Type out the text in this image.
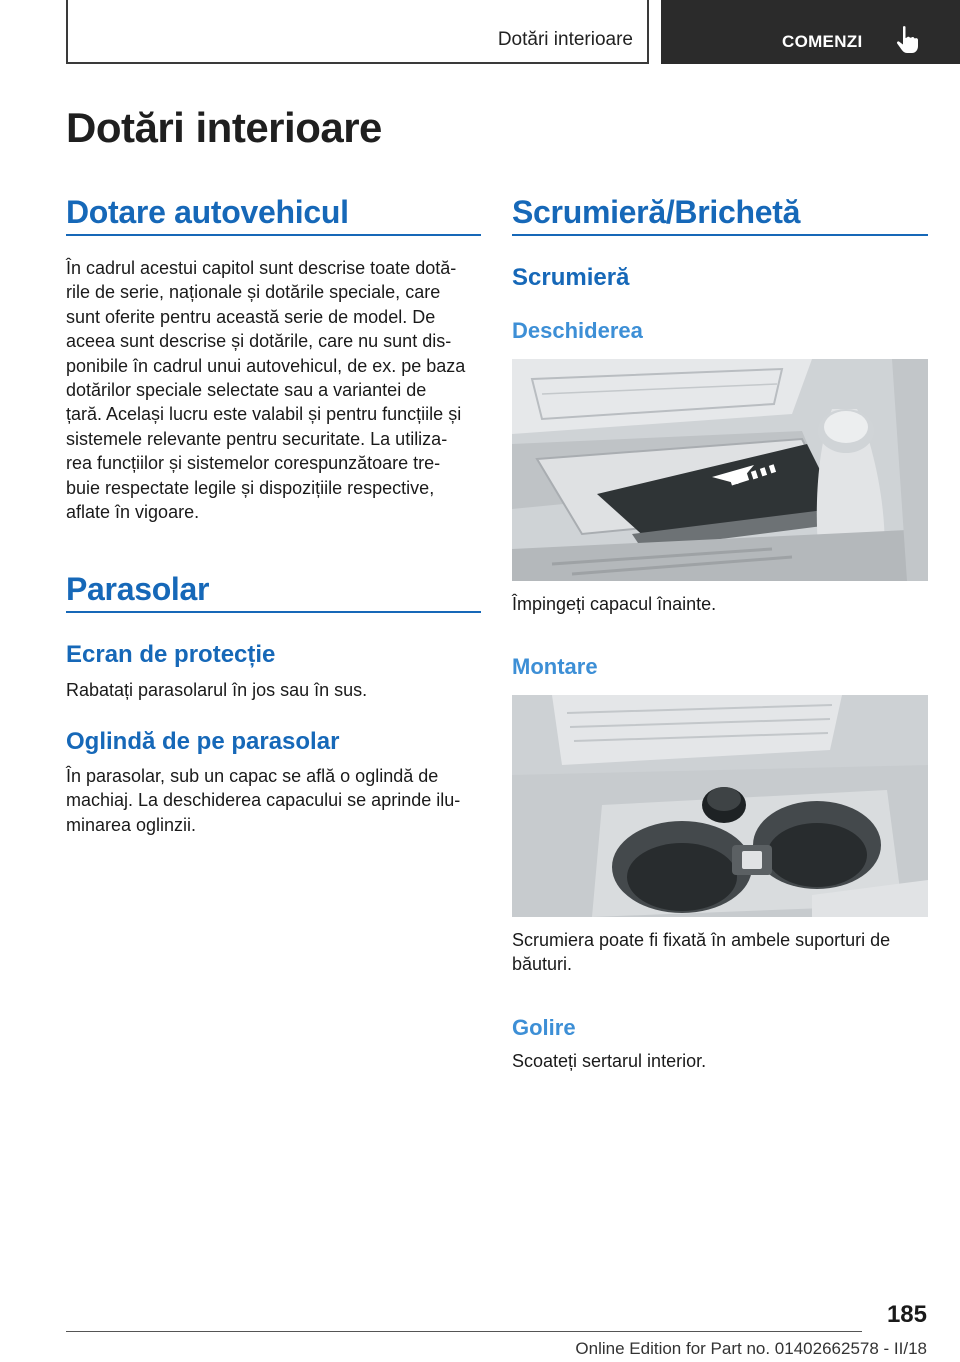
Dotări interioare	COMENZI
Dotări interioare
Dotare autovehicul
În cadrul acestui capitol sunt descrise toate dotă-
rile de serie, naționale și dotările speciale, care
sunt oferite pentru această serie de model. De
aceea sunt descrise și dotările, care nu sunt dis-
ponibile în cadrul unui autovehicul, de ex. pe baza
dotărilor speciale selectate sau a variantei de
țară. Același lucru este valabil și pentru funcțiile și
sistemele relevante pentru securitate. La utiliza-
rea funcțiilor și sistemelor corespunzătoare tre-
buie respectate legile și dispozițiile respective,
aflate în vigoare.
Parasolar
Ecran de protecție
Rabatați parasolarul în jos sau în sus.
Oglindă de pe parasolar
În parasolar, sub un capac se află o oglindă de
machiaj. La deschiderea capacului se aprinde ilu-
minarea oglinzii.
Scrumieră/Brichetă
Scrumieră
Deschiderea
Împingeți capacul înainte.
Montare
Scrumiera poate fi fixată în ambele suporturi de
băuturi.
Golire
Scoateți sertarul interior.
185
Online Edition for Part no. 01402662578 - II/18
